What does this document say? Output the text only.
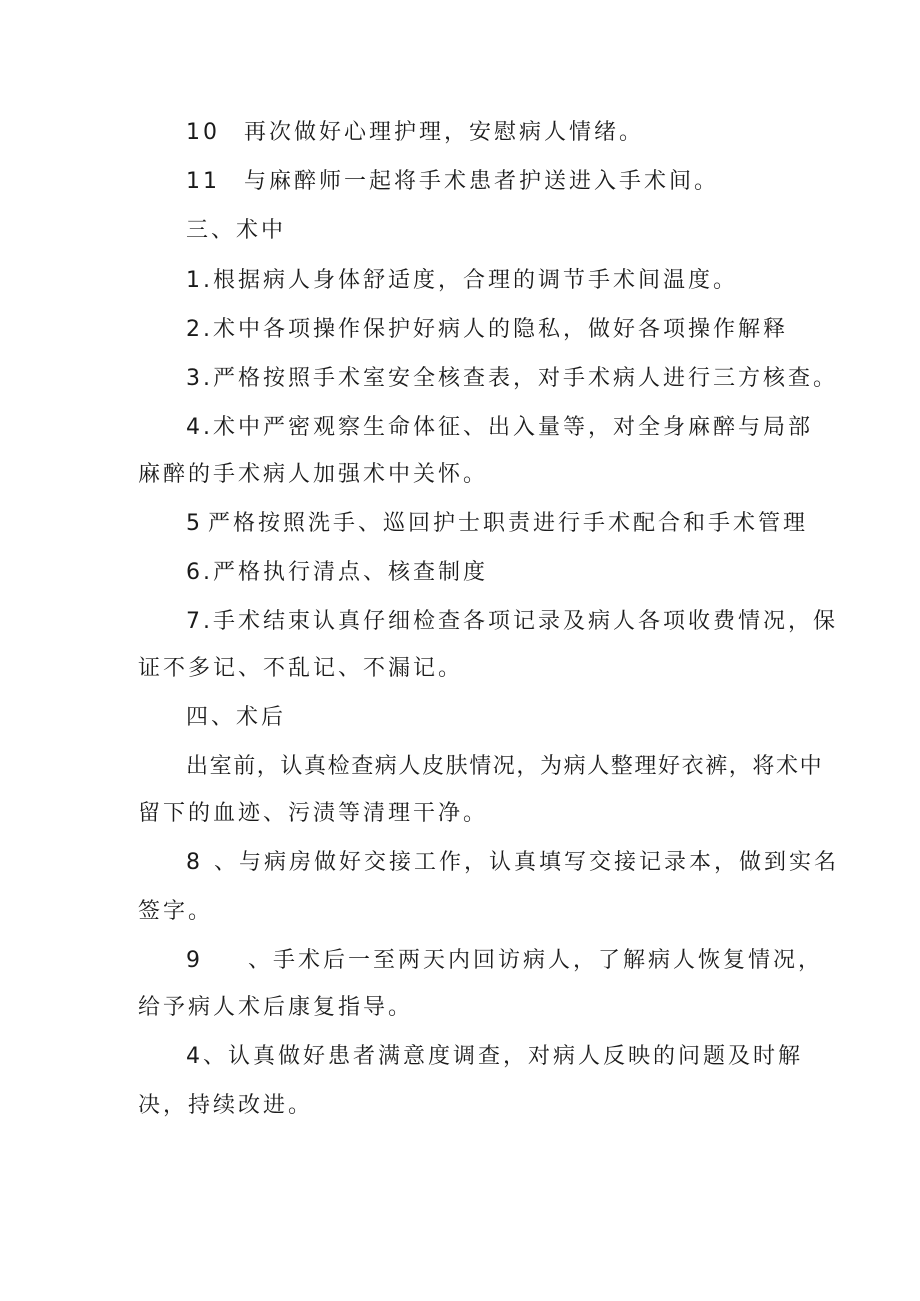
10 再次做好心理护理，安慰病人情绪。
11 与麻醉师一起将手术患者护送进入手术间。
三、术中
1.根据病人身体舒适度，合理的调节手术间温度。
2.术中各项操作保护好病人的隐私，做好各项操作解释
3.严格按照手术室安全核查表，对手术病人进行三方核查。
4.术中严密观察生命体征、出入量等，对全身麻醉与局部
麻醉的手术病人加强术中关怀。
5 严格按照洗手、巡回护士职责进行手术配合和手术管理
6.严格执行清点、核查制度
7.手术结束认真仔细检查各项记录及病人各项收费情况，保
证不多记、不乱记、不漏记。
四、术后
出室前，认真检查病人皮肤情况，为病人整理好衣裤，将术中
留下的血迹、污渍等清理干净。
8 、与病房做好交接工作，认真填写交接记录本，做到实名
签字。
9 、手术后一至两天内回访病人，了解病人恢复情况，
给予病人术后康复指导。
4、认真做好患者满意度调查，对病人反映的问题及时解
决，持续改进。
